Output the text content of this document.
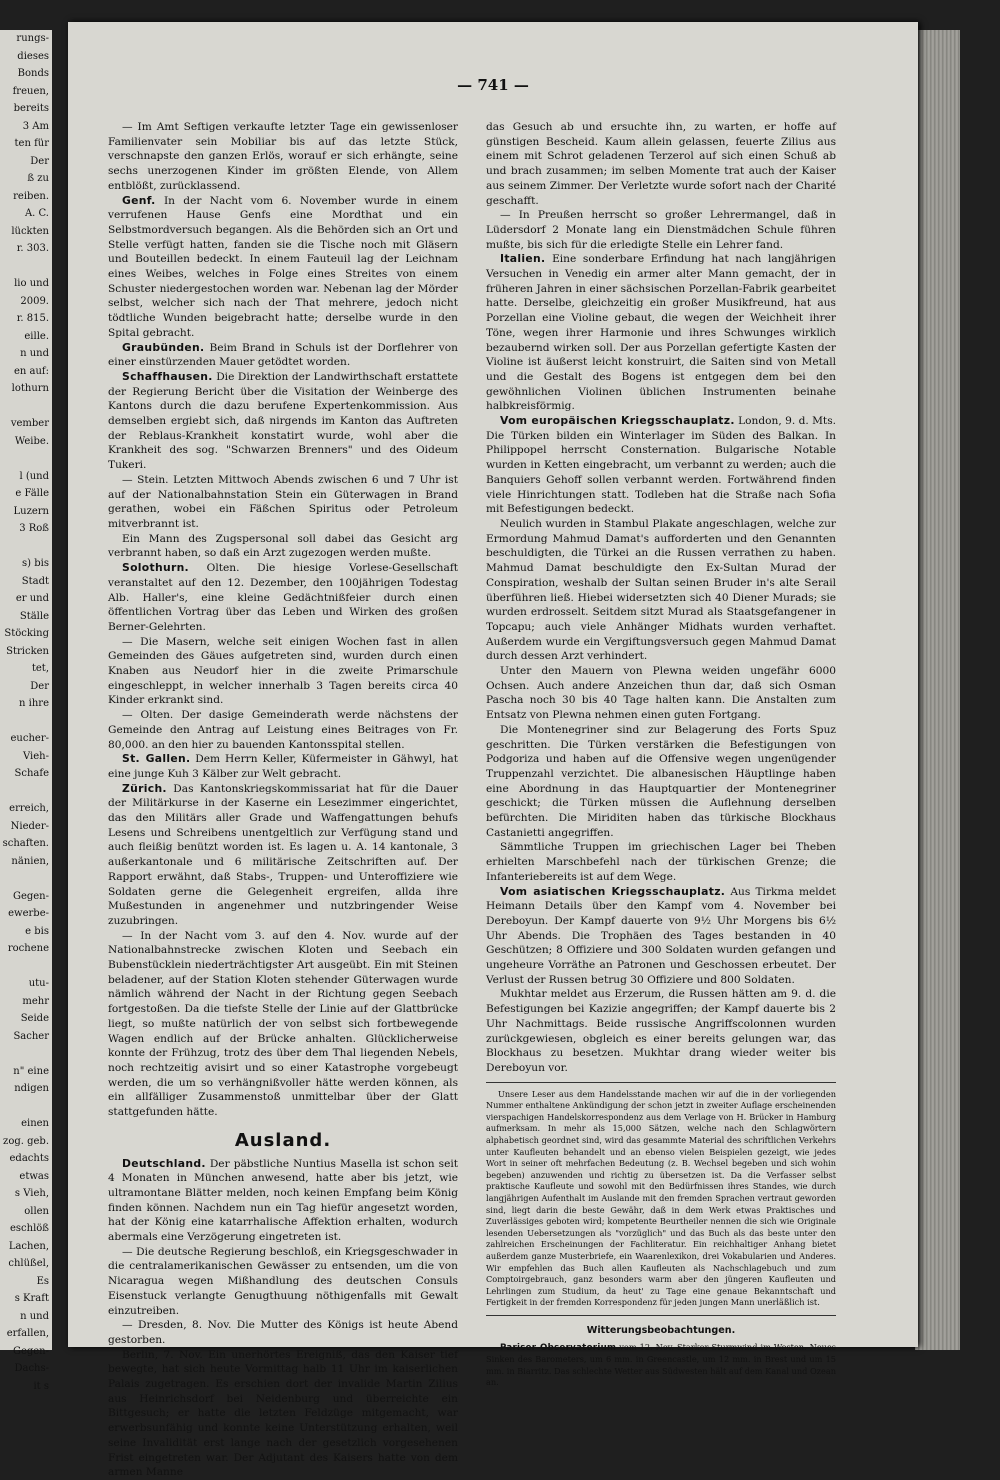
rungs-
dieses
Bonds
freuen,
bereits
3 Am
ten für
Der
ß zu
reiben.
A. C.
lückten
r. 303.

lio und
2009.
r. 815.
eille.
n und
en auf:
lothurn

vember
Weibe.

l (und
e Fälle
Luzern
3 Roß

s) bis
Stadt
er und
Ställe
Stöcking
Stricken
tet,
Der
n ihre

eucher-
Vieh-
Schafe

erreich,
Nieder-
schaften.
nänien,

Gegen-
ewerbe-
e bis
rochene

utu-
mehr
Seide
Sacher

n" eine
ndigen

einen
zog. geb.
edachts
etwas
s Vieh,
ollen
eschlöß
Lachen,
chlüßel,
Es
s Kraft
n und
erfallen,
Gegen-
Dachs-
it s
— 741 —

— Im Amt Seftigen verkaufte letzter Tage ein gewissenloser Familienvater sein Mobiliar bis auf das letzte Stück, verschnapste den ganzen Erlös, worauf er sich erhängte, seine sechs unerzogenen Kinder im größten Elende, von Allem entblößt, zurücklassend.

Genf. In der Nacht vom 6. November wurde in einem verrufenen Hause Genfs eine Mordthat und ein Selbstmordversuch begangen. Als die Behörden sich an Ort und Stelle verfügt hatten, fanden sie die Tische noch mit Gläsern und Bouteillen bedeckt. In einem Fauteuil lag der Leichnam eines Weibes, welches in Folge eines Streites von einem Schuster niedergestochen worden war. Nebenan lag der Mörder selbst, welcher sich nach der That mehrere, jedoch nicht tödtliche Wunden beigebracht hatte; derselbe wurde in den Spital gebracht.

Graubünden. Beim Brand in Schuls ist der Dorflehrer von einer einstürzenden Mauer getödtet worden.

Schaffhausen. Die Direktion der Landwirthschaft erstattete der Regierung Bericht über die Visitation der Weinberge des Kantons durch die dazu berufene Expertenkommission. Aus demselben ergiebt sich, daß nirgends im Kanton das Auftreten der Reblaus-Krankheit konstatirt wurde, wohl aber die Krankheit des sog. "Schwarzen Brenners" und des Oideum Tukeri.

— Stein. Letzten Mittwoch Abends zwischen 6 und 7 Uhr ist auf der Nationalbahnstation Stein ein Güterwagen in Brand gerathen, wobei ein Fäßchen Spiritus oder Petroleum mitverbrannt ist.

Ein Mann des Zugspersonal soll dabei das Gesicht arg verbrannt haben, so daß ein Arzt zugezogen werden mußte.

Solothurn. Olten. Die hiesige Vorlese-Gesellschaft veranstaltet auf den 12. Dezember, den 100jährigen Todestag Alb. Haller's, eine kleine Gedächtnißfeier durch einen öffentlichen Vortrag über das Leben und Wirken des großen Berner-Gelehrten.

— Die Masern, welche seit einigen Wochen fast in allen Gemeinden des Gäues aufgetreten sind, wurden durch einen Knaben aus Neudorf hier in die zweite Primarschule eingeschleppt, in welcher innerhalb 3 Tagen bereits circa 40 Kinder erkrankt sind.

— Olten. Der dasige Gemeinderath werde nächstens der Gemeinde den Antrag auf Leistung eines Beitrages von Fr. 80,000. an den hier zu bauenden Kantonsspital stellen.

St. Gallen. Dem Herrn Keller, Küfermeister in Gähwyl, hat eine junge Kuh 3 Kälber zur Welt gebracht.

Zürich. Das Kantonskriegskommissariat hat für die Dauer der Militärkurse in der Kaserne ein Lesezimmer eingerichtet, das den Militärs aller Grade und Waffengattungen behufs Lesens und Schreibens unentgeltlich zur Verfügung stand und auch fleißig benützt worden ist. Es lagen u. A. 14 kantonale, 3 außerkantonale und 6 militärische Zeitschriften auf. Der Rapport erwähnt, daß Stabs-, Truppen- und Unteroffiziere wie Soldaten gerne die Gelegenheit ergreifen, allda ihre Mußestunden in angenehmer und nutzbringender Weise zuzubringen.

— In der Nacht vom 3. auf den 4. Nov. wurde auf der Nationalbahnstrecke zwischen Kloten und Seebach ein Bubenstücklein niederträchtigster Art ausgeübt. Ein mit Steinen beladener, auf der Station Kloten stehender Güterwagen wurde nämlich während der Nacht in der Richtung gegen Seebach fortgestoßen. Da die tiefste Stelle der Linie auf der Glattbrücke liegt, so mußte natürlich der von selbst sich fortbewegende Wagen endlich auf der Brücke anhalten. Glücklicherweise konnte der Frühzug, trotz des über dem Thal liegenden Nebels, noch rechtzeitig avisirt und so einer Katastrophe vorgebeugt werden, die um so verhängnißvoller hätte werden können, als ein allfälliger Zusammenstoß unmittelbar über der Glatt stattgefunden hätte.

Ausland.

Deutschland. Der päbstliche Nuntius Masella ist schon seit 4 Monaten in München anwesend, hatte aber bis jetzt, wie ultramontane Blätter melden, noch keinen Empfang beim König finden können. Nachdem nun ein Tag hiefür angesetzt worden, hat der König eine katarrhalische Affektion erhalten, wodurch abermals eine Verzögerung eingetreten ist.

— Die deutsche Regierung beschloß, ein Kriegsgeschwader in die centralamerikanischen Gewässer zu entsenden, um die von Nicaragua wegen Mißhandlung des deutschen Consuls Eisenstuck verlangte Genugthuung nöthigenfalls mit Gewalt einzutreiben.

— Dresden, 8. Nov. Die Mutter des Königs ist heute Abend gestorben.

Berlin, 7. Nov. Ein unerhörtes Ereigniß, das den Kaiser tief bewegte, hat sich heute Vormittag halb 11 Uhr im kaiserlichen Palais zugetragen. Es erschien dort der invalide Martin Zilius aus Heinrichsdorf bei Neidenburg und überreichte ein Bittgesuch; er hatte die letzten Feldzüge mitgemacht, war erwerbsunfähig und konnte keine Unterstützung erhalten, weil seine Invalidität erst lange nach der gesetzlich vorgesehenen Frist eingetreten war. Der Adjutant des Kaisers hatte von dem armen Manne

das Gesuch ab und ersuchte ihn, zu warten, er hoffe auf günstigen Bescheid. Kaum allein gelassen, feuerte Zilius aus einem mit Schrot geladenen Terzerol auf sich einen Schuß ab und brach zusammen; im selben Momente trat auch der Kaiser aus seinem Zimmer. Der Verletzte wurde sofort nach der Charité geschafft.

— In Preußen herrscht so großer Lehrermangel, daß in Lüdersdorf 2 Monate lang ein Dienstmädchen Schule führen mußte, bis sich für die erledigte Stelle ein Lehrer fand.

Italien. Eine sonderbare Erfindung hat nach langjährigen Versuchen in Venedig ein armer alter Mann gemacht, der in früheren Jahren in einer sächsischen Porzellan-Fabrik gearbeitet hatte. Derselbe, gleichzeitig ein großer Musikfreund, hat aus Porzellan eine Violine gebaut, die wegen der Weichheit ihrer Töne, wegen ihrer Harmonie und ihres Schwunges wirklich bezaubernd wirken soll. Der aus Porzellan gefertigte Kasten der Violine ist äußerst leicht konstruirt, die Saiten sind von Metall und die Gestalt des Bogens ist entgegen dem bei den gewöhnlichen Violinen üblichen Instrumenten beinahe halbkreisförmig.

Vom europäischen Kriegsschauplatz. London, 9. d. Mts. Die Türken bilden ein Winterlager im Süden des Balkan. In Philippopel herrscht Consternation. Bulgarische Notable wurden in Ketten eingebracht, um verbannt zu werden; auch die Banquiers Gehoff sollen verbannt werden. Fortwährend finden viele Hinrichtungen statt. Todleben hat die Straße nach Sofia mit Befestigungen bedeckt.

Neulich wurden in Stambul Plakate angeschlagen, welche zur Ermordung Mahmud Damat's aufforderten und den Genannten beschuldigten, die Türkei an die Russen verrathen zu haben. Mahmud Damat beschuldigte den Ex-Sultan Murad der Conspiration, weshalb der Sultan seinen Bruder in's alte Serail überführen ließ. Hiebei widersetzten sich 40 Diener Murads; sie wurden erdrosselt. Seitdem sitzt Murad als Staatsgefangener in Topcapu; auch viele Anhänger Midhats wurden verhaftet. Außerdem wurde ein Vergiftungsversuch gegen Mahmud Damat durch dessen Arzt verhindert.

Unter den Mauern von Plewna weiden ungefähr 6000 Ochsen. Auch andere Anzeichen thun dar, daß sich Osman Pascha noch 30 bis 40 Tage halten kann. Die Anstalten zum Entsatz von Plewna nehmen einen guten Fortgang.

Die Montenegriner sind zur Belagerung des Forts Spuz geschritten. Die Türken verstärken die Befestigungen von Podgoriza und haben auf die Offensive wegen ungenügender Truppenzahl verzichtet. Die albanesischen Häuptlinge haben eine Abordnung in das Hauptquartier der Montenegriner geschickt; die Türken müssen die Auflehnung derselben befürchten. Die Miriditen haben das türkische Blockhaus Castanietti angegriffen.

Sämmtliche Truppen im griechischen Lager bei Theben erhielten Marschbefehl nach der türkischen Grenze; die Infanteriebereits ist auf dem Wege.

Vom asiatischen Kriegsschauplatz. Aus Tirkma meldet Heimann Details über den Kampf vom 4. November bei Dereboyun. Der Kampf dauerte von 9½ Uhr Morgens bis 6½ Uhr Abends. Die Trophäen des Tages bestanden in 40 Geschützen; 8 Offiziere und 300 Soldaten wurden gefangen und ungeheure Vorräthe an Patronen und Geschossen erbeutet. Der Verlust der Russen betrug 30 Offiziere und 800 Soldaten.

Mukhtar meldet aus Erzerum, die Russen hätten am 9. d. die Befestigungen bei Kazizie angegriffen; der Kampf dauerte bis 2 Uhr Nachmittags. Beide russische Angriffscolonnen wurden zurückgewiesen, obgleich es einer bereits gelungen war, das Blockhaus zu besetzen. Mukhtar drang wieder weiter bis Dereboyun vor.

Unsere Leser aus dem Handelsstande machen wir auf die in der vorliegenden Nummer enthaltene Ankündigung der schon jetzt in zweiter Auflage erscheinenden vierspachigen Handelskorrespondenz aus dem Verlage von H. Brücker in Hamburg aufmerksam. In mehr als 15,000 Sätzen, welche nach den Schlagwörtern alphabetisch geordnet sind, wird das gesammte Material des schriftlichen Verkehrs unter Kaufleuten behandelt und an ebenso vielen Beispielen gezeigt, wie jedes Wort in seiner oft mehrfachen Bedeutung (z. B. Wechsel begeben und sich wohin begeben) anzuwenden und richtig zu übersetzen ist. Da die Verfasser selbst praktische Kaufleute und sowohl mit den Bedürfnissen ihres Standes, wie durch langjährigen Aufenthalt im Auslande mit den fremden Sprachen vertraut geworden sind, liegt darin die beste Gewähr, daß in dem Werk etwas Praktisches und Zuverlässiges geboten wird; kompetente Beurtheiler nennen die sich wie Originale lesenden Uebersetzungen als "vorzüglich" und das Buch als das beste unter den zahlreichen Erscheinungen der Fachliteratur. Ein reichhaltiger Anhang bietet außerdem ganze Musterbriefe, ein Waarenlexikon, drei Vokabularien und Anderes. Wir empfehlen das Buch allen Kaufleuten als Nachschlagebuch und zum Comptoirgebrauch, ganz besonders warm aber den jüngeren Kaufleuten und Lehrlingen zum Studium, da heut' zu Tage eine genaue Bekanntschaft und Fertigkeit in der fremden Korrespondenz für jeden jungen Mann unerläßlich ist.

Witterungsbeobachtungen.

Pariser Observatorium vom 12. Nov. Starker Sturmwind im Westen. Neues Sinken des Barometers, um 6 mm. in Greencastle, um 12 mm. in Brest und um 15 mm. in Biarritz. Das schlechte Wetter aus Südwesten hält auf dem Kanal und Ozean an.
